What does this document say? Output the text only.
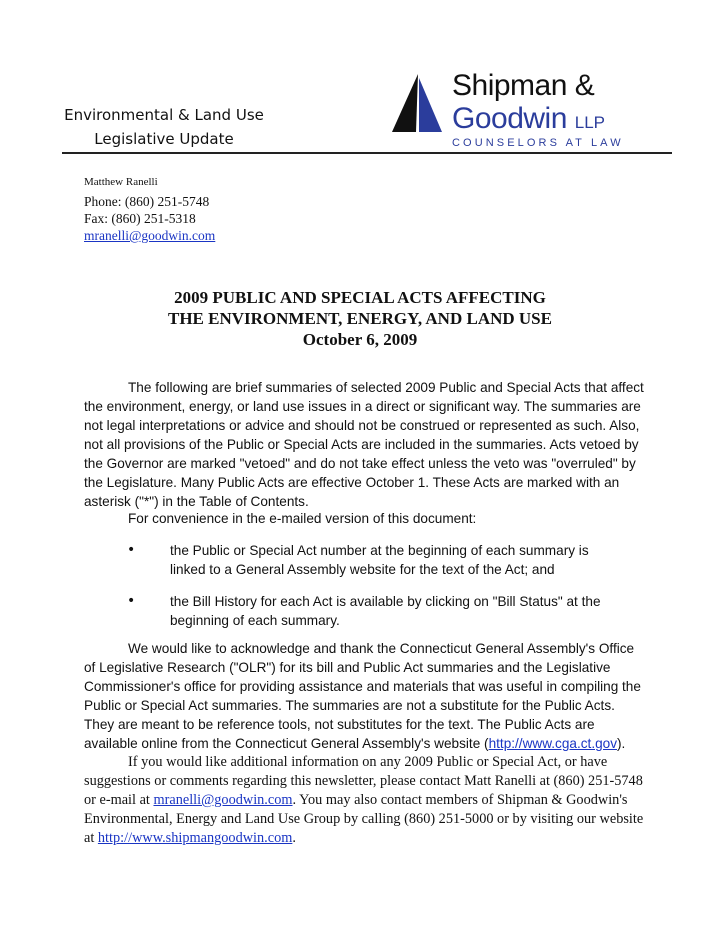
Environmental & Land Use
Legislative Update
Shipman &
Goodwin LLP
COUNSELORS AT LAW
Matthew Ranelli
Phone: (860) 251-5748
Fax: (860) 251-5318
mranelli@goodwin.com
2009 PUBLIC AND SPECIAL ACTS AFFECTING
THE ENVIRONMENT, ENERGY, AND LAND USE
October 6, 2009
The following are brief summaries of selected 2009 Public and Special Acts that affect the environment, energy, or land use issues in a direct or significant way. The summaries are not legal interpretations or advice and should not be construed or represented as such. Also, not all provisions of the Public or Special Acts are included in the summaries. Acts vetoed by the Governor are marked "vetoed" and do not take effect unless the veto was "overruled" by the Legislature. Many Public Acts are effective October 1. These Acts are marked with an asterisk ("*") in the Table of Contents.
For convenience in the e-mailed version of this document:
•	the Public or Special Act number at the beginning of each summary is linked to a General Assembly website for the text of the Act; and
•	the Bill History for each Act is available by clicking on "Bill Status" at the beginning of each summary.
We would like to acknowledge and thank the Connecticut General Assembly's Office of Legislative Research ("OLR") for its bill and Public Act summaries and the Legislative Commissioner's office for providing assistance and materials that was useful in compiling the Public or Special Act summaries. The summaries are not a substitute for the Public Acts. They are meant to be reference tools, not substitutes for the text. The Public Acts are available online from the Connecticut General Assembly's website (http://www.cga.ct.gov).
If you would like additional information on any 2009 Public or Special Act, or have suggestions or comments regarding this newsletter, please contact Matt Ranelli at (860) 251-5748 or e-mail at mranelli@goodwin.com. You may also contact members of Shipman & Goodwin's Environmental, Energy and Land Use Group by calling (860) 251-5000 or by visiting our website at http://www.shipmangoodwin.com.
